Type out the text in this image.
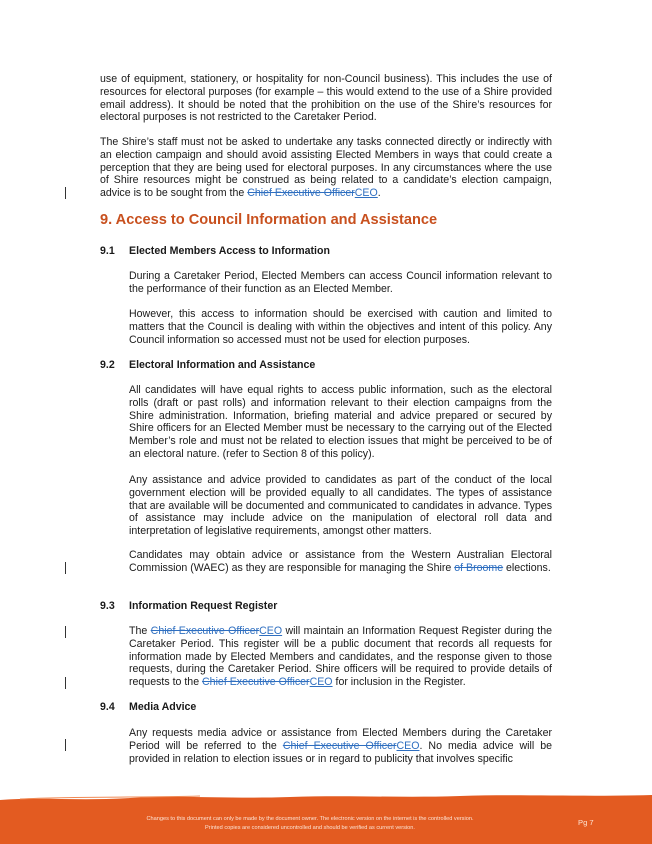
use of equipment, stationery, or hospitality for non-Council business). This includes the use of resources for electoral purposes (for example – this would extend to the use of a Shire provided email address). It should be noted that the prohibition on the use of the Shire’s resources for electoral purposes is not restricted to the Caretaker Period.

The Shire’s staff must not be asked to undertake any tasks connected directly or indirectly with an election campaign and should avoid assisting Elected Members in ways that could create a perception that they are being used for electoral purposes. In any circumstances where the use of Shire resources might be construed as being related to a candidate’s election campaign, advice is to be sought from the Chief Executive OfficerCEO.

9. Access to Council Information and Assistance
9.1 Elected Members Access to Information

During a Caretaker Period, Elected Members can access Council information relevant to the performance of their function as an Elected Member.

However, this access to information should be exercised with caution and limited to matters that the Council is dealing with within the objectives and intent of this policy. Any Council information so accessed must not be used for election purposes.

9.2 Electoral Information and Assistance

All candidates will have equal rights to access public information, such as the electoral rolls (draft or past rolls) and information relevant to their election campaigns from the Shire administration. Information, briefing material and advice prepared or secured by Shire officers for an Elected Member must be necessary to the carrying out of the Elected Member’s role and must not be related to election issues that might be perceived to be of an electoral nature. (refer to Section 8 of this policy).

Any assistance and advice provided to candidates as part of the conduct of the local government election will be provided equally to all candidates. The types of assistance that are available will be documented and communicated to candidates in advance. Types of assistance may include advice on the manipulation of electoral roll data and interpretation of legislative requirements, amongst other matters.

Candidates may obtain advice or assistance from the Western Australian Electoral Commission (WAEC) as they are responsible for managing the Shire of Broome elections.

9.3 Information Request Register

The Chief Executive OfficerCEO will maintain an Information Request Register during the Caretaker Period. This register will be a public document that records all requests for information made by Elected Members and candidates, and the response given to those requests, during the Caretaker Period. Shire officers will be required to provide details of requests to the Chief Executive OfficerCEO for inclusion in the Register.

9.4 Media Advice

Any requests media advice or assistance from Elected Members during the Caretaker Period will be referred to the Chief Executive OfficerCEO. No media advice will be provided in relation to election issues or in regard to publicity that involves specific

Changes to this document can only be made by the document owner. The electronic version on the internet is the controlled version.
Printed copies are considered uncontrolled and should be verified as current version.
Pg 7
